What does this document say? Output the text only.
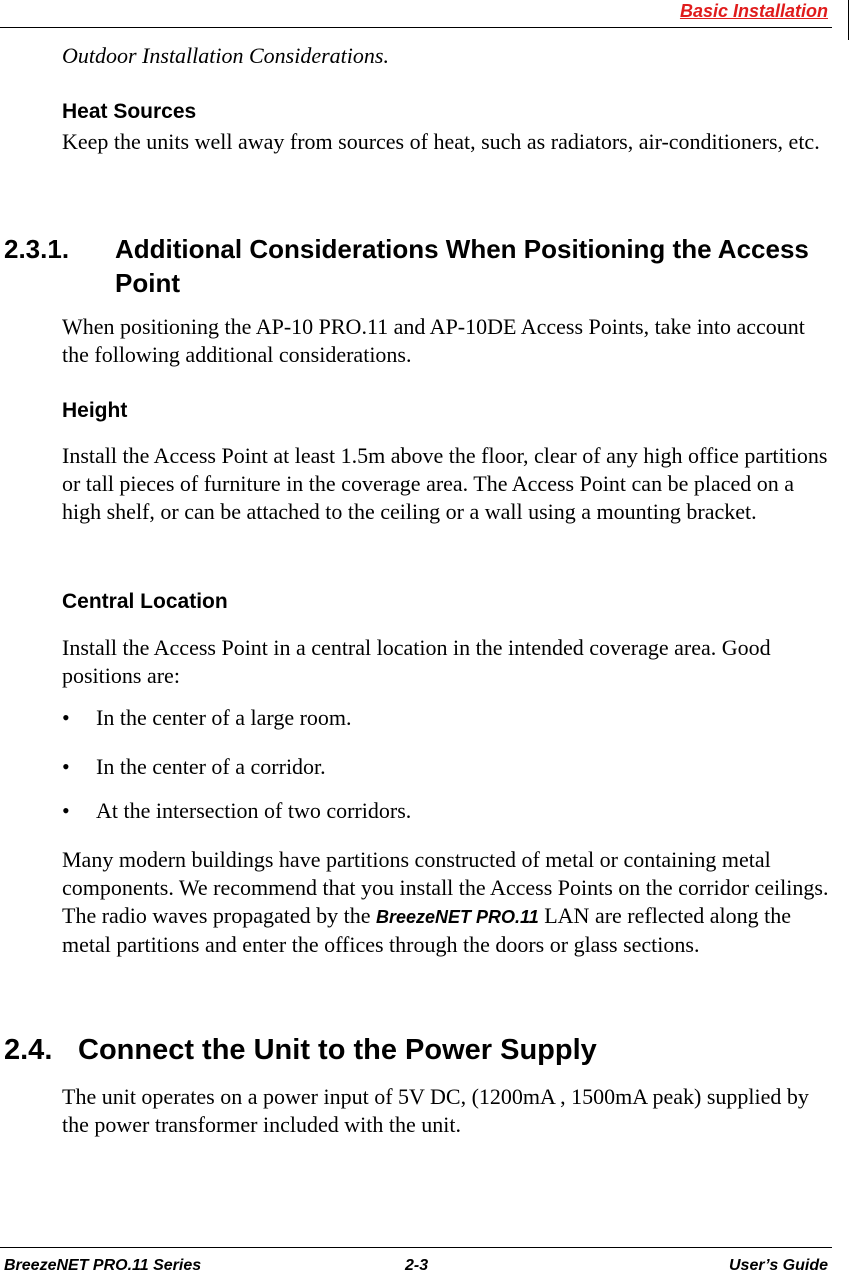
Basic Installation
Outdoor Installation Considerations.
Heat Sources
Keep the units well away from sources of heat, such as radiators, air-conditioners, etc.
2.3.1. Additional Considerations When Positioning the Access Point
When positioning the AP-10 PRO.11 and AP-10DE Access Points, take into account the following additional considerations.
Height
Install the Access Point at least 1.5m above the floor, clear of any high office partitions or tall pieces of furniture in the coverage area. The Access Point can be placed on a high shelf, or can be attached to the ceiling or a wall using a mounting bracket.
Central Location
Install the Access Point in a central location in the intended coverage area. Good positions are:
• In the center of a large room.
• In the center of a corridor.
• At the intersection of two corridors.
Many modern buildings have partitions constructed of metal or containing metal components. We recommend that you install the Access Points on the corridor ceilings. The radio waves propagated by the BreezeNET PRO.11 LAN are reflected along the metal partitions and enter the offices through the doors or glass sections.
2.4. Connect the Unit to the Power Supply
The unit operates on a power input of 5V DC, (1200mA , 1500mA peak) supplied by the power transformer included with the unit.
BreezeNET PRO.11 Series	2-3	User’s Guide
